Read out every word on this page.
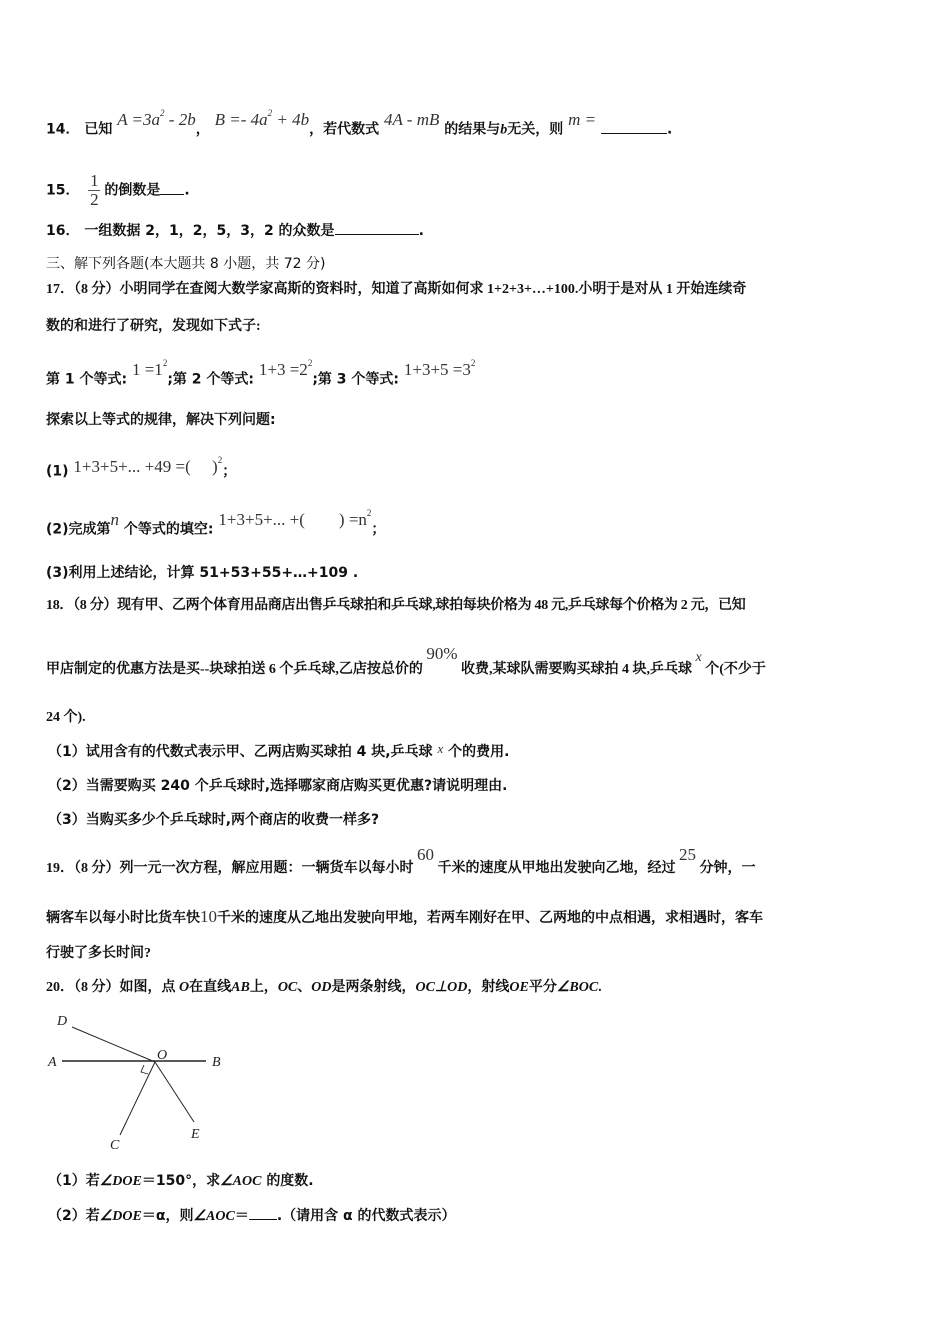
14． 已知 $A =3a^2 - 2b$， $B =- 4a^2 + 4b$，若代数式 4A - mB 的结果与b无关，则 m = .
15． $\frac{1}{2}$ 的倒数是 .
16． 一组数据 2，1，2，5，3，2 的众数是	.
三、解下列各题(本大题共 8 小题，共 72 分)
17．（8 分）小明同学在查阅大数学家高斯的资料时，知道了高斯如何求 1+2+3+…+100.小明于是对从 1 开始连续奇
数的和进行了研究，发现如下式子:
第 1 个等式: $1 =1^2$;第 2 个等式: $1+3 =2^2$;第 3 个等式: $1+3+5 =3^2$
探索以上等式的规律，解决下列问题:
(1) 1+3+5+... +49 =(     )$^2$；
(2)完成第n 个等式的填空: 1+3+5+... +(        ) $=n^2$；
(3)利用上述结论，计算 51+53+55+…+109 .
18．（8 分）现有甲、乙两个体育用品商店出售乒乓球拍和乒乓球,球拍每块价格为 48 元,乒乓球每个价格为 2 元，已知
甲店制定的优惠方法是买--块球拍送 6 个乒乓球,乙店按总价的 90% 收费,某球队需要购买球拍 4 块,乒乓球 x 个(不少于
24 个).
（1）试用含有的代数式表示甲、乙两店购买球拍 4 块,乒乓球 x 个的费用.
（2）当需要购买 240 个乒乓球时,选择哪家商店购买更优惠?请说明理由.
（3）当购买多少个乒乓球时,两个商店的收费一样多?
19．（8 分）列一元一次方程，解应用题：一辆货车以每小时 60 千米的速度从甲地出发驶向乙地，经过 25 分钟，一
辆客车以每小时比货车快10千米的速度从乙地出发驶向甲地，若两车刚好在甲、乙两地的中点相遇，求相遇时，客车
行驶了多长时间?
20．（8 分）如图，点 O在直线AB上，OC、OD是两条射线，OC⊥OD，射线OE平分∠BOC.
D
A	O	B
C
E
（1）若∠DOE＝150°，求∠AOC 的度数.
（2）若∠DOE＝α，则∠AOC＝ .（请用含 α 的代数式表示）
